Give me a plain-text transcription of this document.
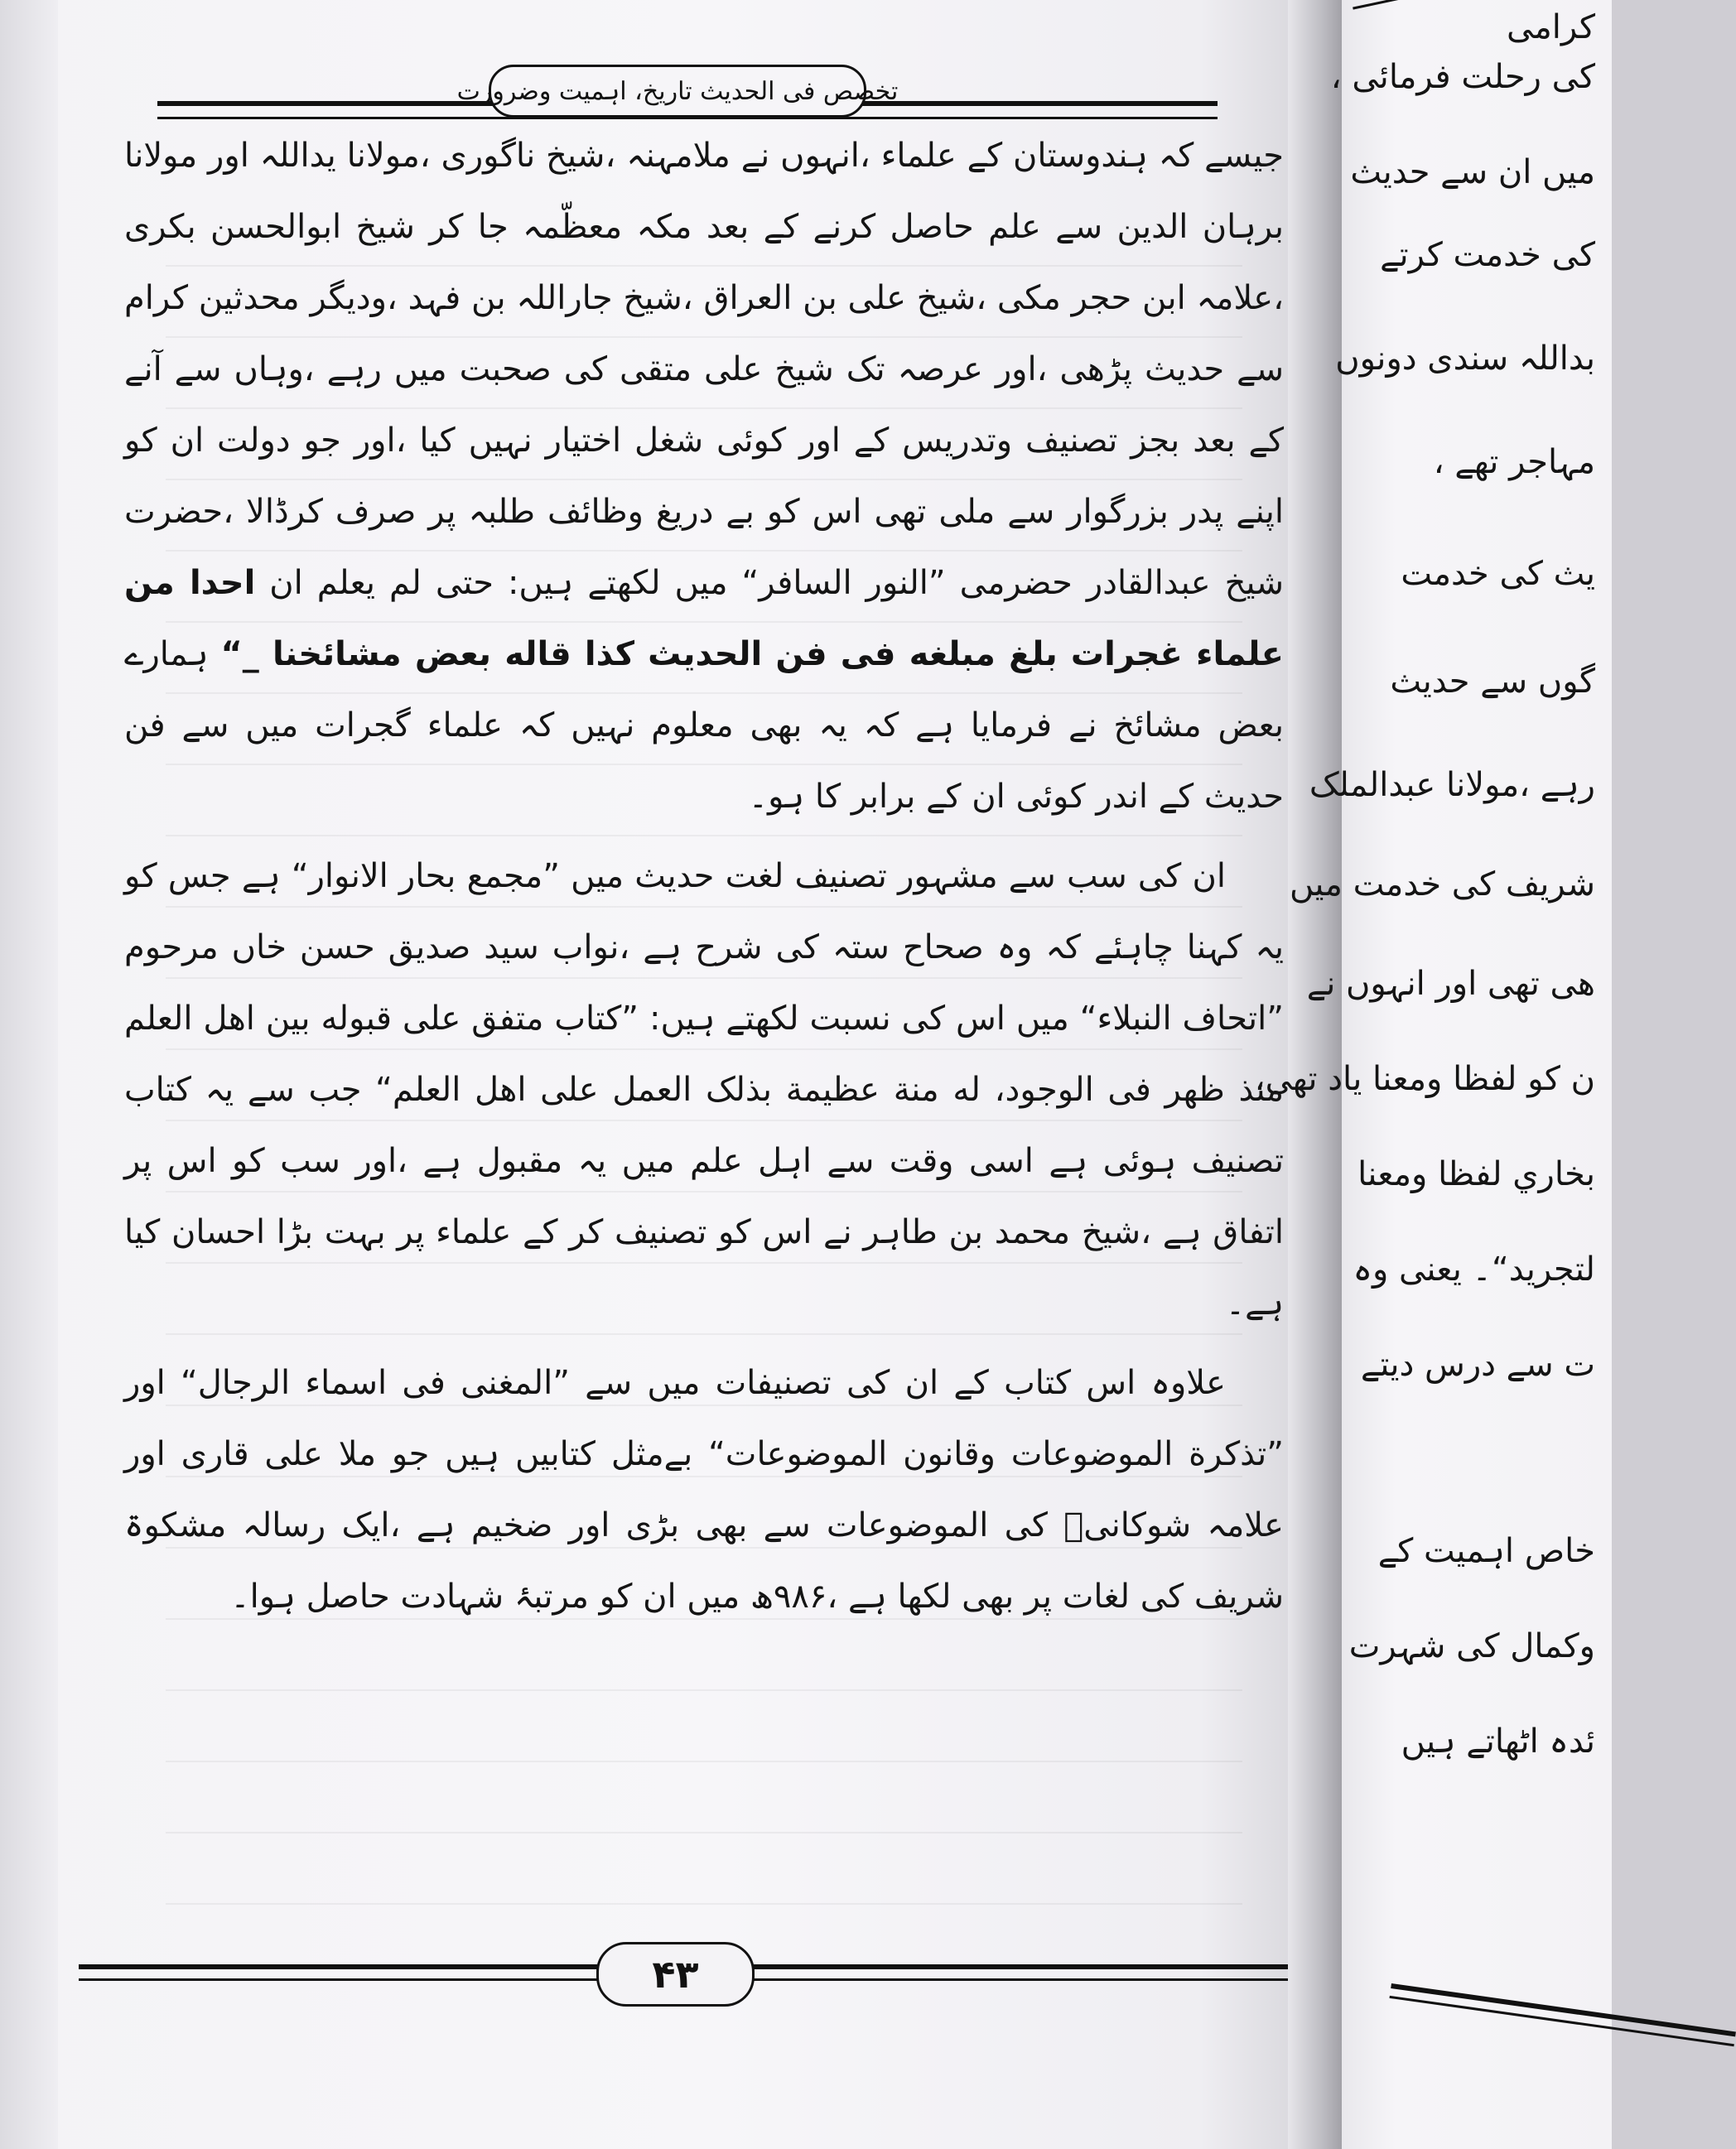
تخصص فی الحدیث تاریخ، اہمیت وضرورت

جیسے کہ ہندوستان کے علماء ،انہوں نے ملامہنہ ،شیخ ناگوری ،مولانا یداللہ اور مولانا برہان الدین سے علم حاصل کرنے کے بعد مکہ معظّمہ جا کر شیخ ابوالحسن بکری ،علامہ ابن حجر مکی ،شیخ علی بن العراق ،شیخ جاراللہ بن فہد ،ودیگر محدثین کرام سے حدیث پڑھی ،اور عرصہ تک شیخ علی متقی کی صحبت میں رہے ،وہاں سے آنے کے بعد بجز تصنیف وتدریس کے اور کوئی شغل اختیار نہیں کیا ،اور جو دولت ان کو اپنے پدر بزرگوار سے ملی تھی اس کو بے دریغ وظائف طلبہ پر صرف کرڈالا ،حضرت شیخ عبدالقادر حضرمی ”النور السافر“ میں لکھتے ہیں: حتی لم یعلم ان احدا من علماء غجرات بلغ مبلغه فی فن الحدیث کذا قاله بعض مشائخنا _“ ہمارے بعض مشائخ نے فرمایا ہے کہ یہ بھی معلوم نہیں کہ علماء گجرات میں سے فن حدیث کے اندر کوئی ان کے برابر کا ہو۔

ان کی سب سے مشہور تصنیف لغت حدیث میں ”مجمع بحار الانوار“ ہے جس کو یہ کہنا چاہئے کہ وہ صحاح ستہ کی شرح ہے ،نواب سید صدیق حسن خاں مرحوم ”اتحاف النبلاء“ میں اس کی نسبت لکھتے ہیں: ”کتاب متفق علی قبوله بین اهل العلم منذ ظهر فی الوجود، له منة عظیمة بذلک العمل علی اهل العلم“ جب سے یہ کتاب تصنیف ہوئی ہے اسی وقت سے اہل علم میں یہ مقبول ہے ،اور سب کو اس پر اتفاق ہے ،شیخ محمد بن طاہر نے اس کو تصنیف کر کے علماء پر بہت بڑا احسان کیا ہے۔

علاوہ اس کتاب کے ان کی تصنیفات میں سے ”المغنی فی اسماء الرجال“ اور ”تذکرة الموضوعات وقانون الموضوعات“ بےمثل کتابیں ہیں جو ملا علی قاری اور علامہ شوکانیؒ کی الموضوعات سے بھی بڑی اور ضخیم ہے ،ایک رسالہ مشکوۃ شریف کی لغات پر بھی لکھا ہے ،۹۸۶ھ میں ان کو مرتبۂ شہادت حاصل ہوا۔

۴۳
کرامی
کی رحلت فرمائی ،
میں ان سے حدیث
کی خدمت کرتے
بداللہ سندی دونوں
مہاجر تھے ،
یث کی خدمت
گوں سے حدیث
رہے ،مولانا عبدالملک
شریف کی خدمت میں
ھی تھی اور انہوں نے
ن کو لفظا ومعنا یاد تھی،
بخاري لفظا ومعنا
لتجرید“۔ یعنی وہ
ت سے درس دیتے
خاص اہمیت کے
وکمال کی شہرت
ئدہ اٹھاتے ہیں
